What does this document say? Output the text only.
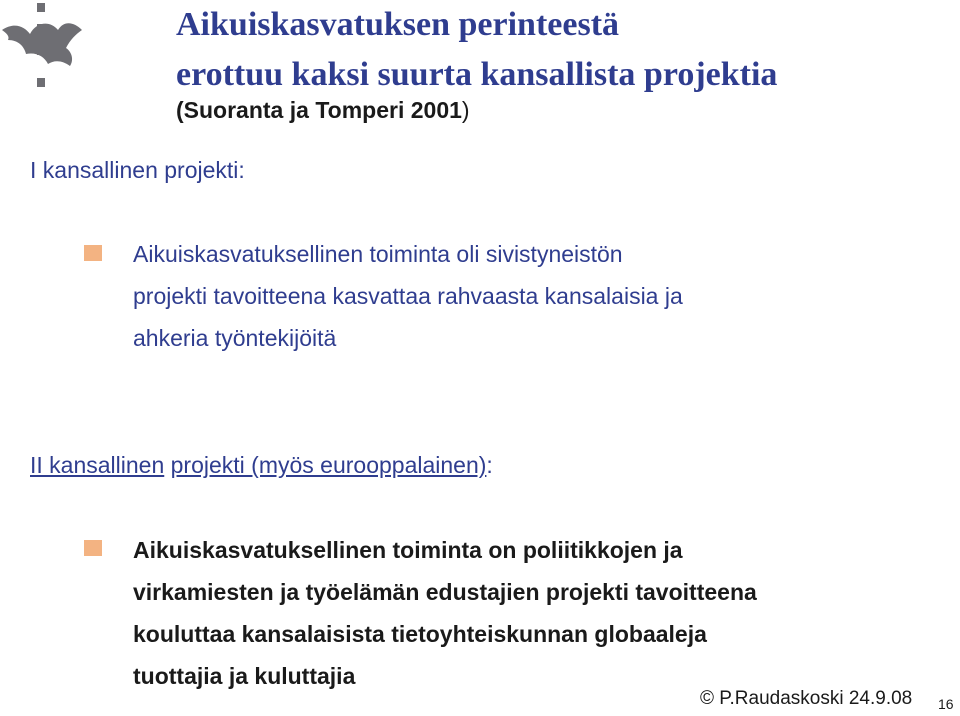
Aikuiskasvatuksen perinteestä
erottuu kaksi suurta kansallista projektia
(Suoranta ja Tomperi 2001)
I kansallinen projekti:

Aikuiskasvatuksellinen toiminta oli sivistyneistön
projekti tavoitteena kasvattaa rahvaasta kansalaisia ja
ahkeria työntekijöitä

II kansallinen projekti (myös eurooppalainen):

Aikuiskasvatuksellinen toiminta on poliitikkojen ja
virkamiesten ja työelämän edustajien projekti tavoitteena
kouluttaa kansalaisista tietoyhteiskunnan globaaleja
tuottajia ja kuluttajia

© P.Raudaskoski 24.9.08 16
